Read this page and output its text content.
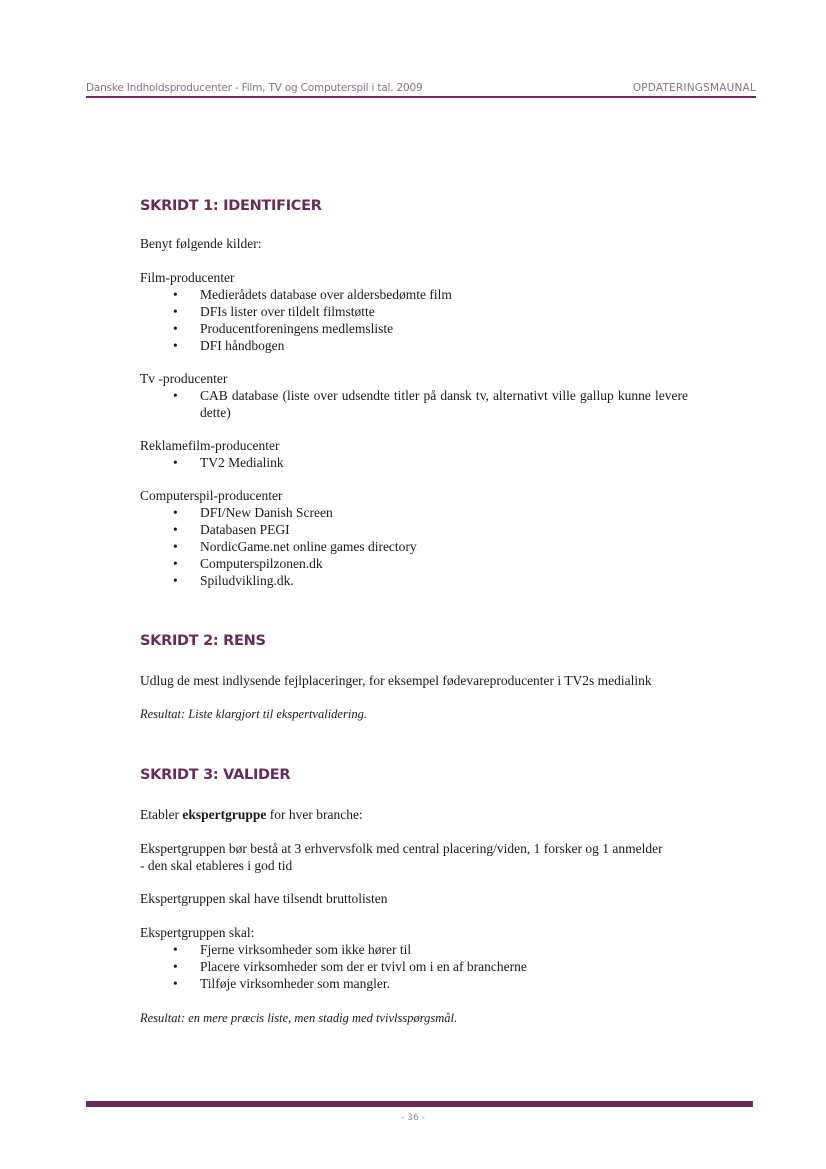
Danske Indholdsproducenter - Film, TV og Computerspil i tal. 2009	OPDATERINGSMAUNAL
SKRIDT 1: IDENTIFICER
Benyt følgende kilder:
Film-producenter
• Medierådets database over aldersbedømte film
• DFIs lister over tildelt filmstøtte
• Producentforeningens medlemsliste
• DFI håndbogen
Tv -producenter
• CAB database (liste over udsendte titler på dansk tv, alternativt ville gallup kunne levere dette)
Reklamefilm-producenter
• TV2 Medialink
Computerspil-producenter
• DFI/New Danish Screen
• Databasen PEGI
• NordicGame.net online games directory
• Computerspilzonen.dk
• Spiludvikling.dk.
SKRIDT 2: RENS
Udlug de mest indlysende fejlplaceringer, for eksempel fødevareproducenter i TV2s medialink
Resultat: Liste klargjort til ekspertvalidering.
SKRIDT 3: VALIDER
Etabler ekspertgruppe for hver branche:
Ekspertgruppen bør bestå at 3 erhvervsfolk med central placering/viden, 1 forsker og 1 anmelder
- den skal etableres i god tid
Ekspertgruppen skal have tilsendt bruttolisten
Ekspertgruppen skal:
• Fjerne virksomheder som ikke hører til
• Placere virksomheder som der er tvivl om i en af brancherne
• Tilføje virksomheder som mangler.
Resultat: en mere præcis liste, men stadig med tvivlsspørgsmål.
- 36 -
